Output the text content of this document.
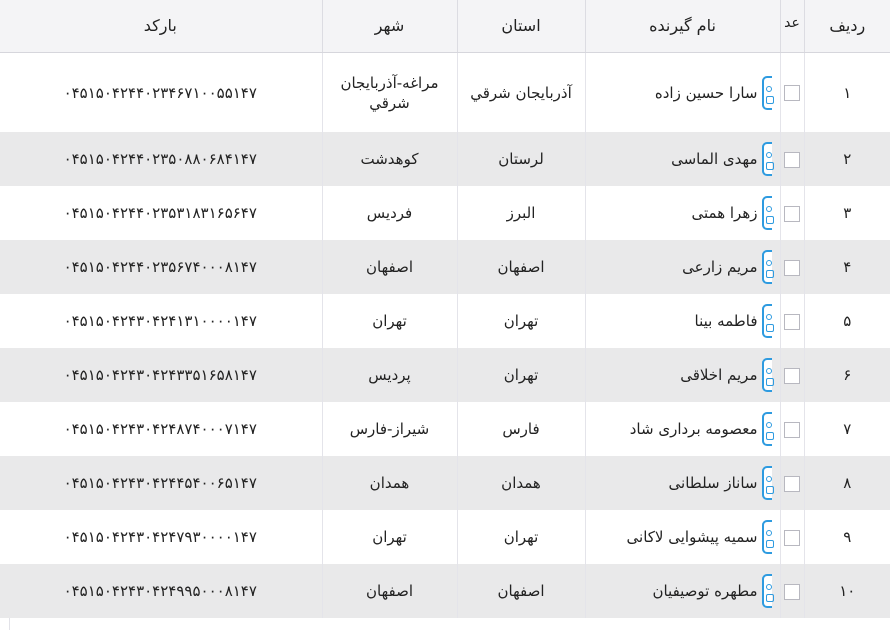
بارکد	شهر	استان	نام گیرنده	عد	ردیف
۰۴۵۱۵۰۴۲۴۴۰۲۳۴۶۷۱۰۰۵۵۱۴۷	مراغه-آذربایجان شرقي	آذربایجان شرقي	سارا حسین زاده		۱
۰۴۵۱۵۰۴۲۴۴۰۲۳۵۰۸۸۰۶۸۴۱۴۷	کوهدشت	لرستان	مهدی الماسی		۲
۰۴۵۱۵۰۴۲۴۴۰۲۳۵۳۱۸۳۱۶۵۶۴۷	فردیس	البرز	زهرا همتی		۳
۰۴۵۱۵۰۴۲۴۴۰۲۳۵۶۷۴۰۰۰۸۱۴۷	اصفهان	اصفهان	مریم زارعی		۴
۰۴۵۱۵۰۴۲۴۳۰۴۲۴۱۳۱۰۰۰۰۱۴۷	تهران	تهران	فاطمه بینا		۵
۰۴۵۱۵۰۴۲۴۳۰۴۲۴۳۳۵۱۶۵۸۱۴۷	پردیس	تهران	مریم اخلاقی		۶
۰۴۵۱۵۰۴۲۴۳۰۴۲۴۸۷۴۰۰۰۷۱۴۷	شیراز-فارس	فارس	معصومه برداری شاد		۷
۰۴۵۱۵۰۴۲۴۳۰۴۲۴۴۵۴۰۰۶۵۱۴۷	همدان	همدان	ساناز سلطانی		۸
۰۴۵۱۵۰۴۲۴۳۰۴۲۴۷۹۳۰۰۰۰۱۴۷	تهران	تهران	سمیه پیشوایی لاکانی		۹
۰۴۵۱۵۰۴۲۴۳۰۴۲۴۹۹۵۰۰۰۸۱۴۷	اصفهان	اصفهان	مطهره توصیفیان		۱۰
